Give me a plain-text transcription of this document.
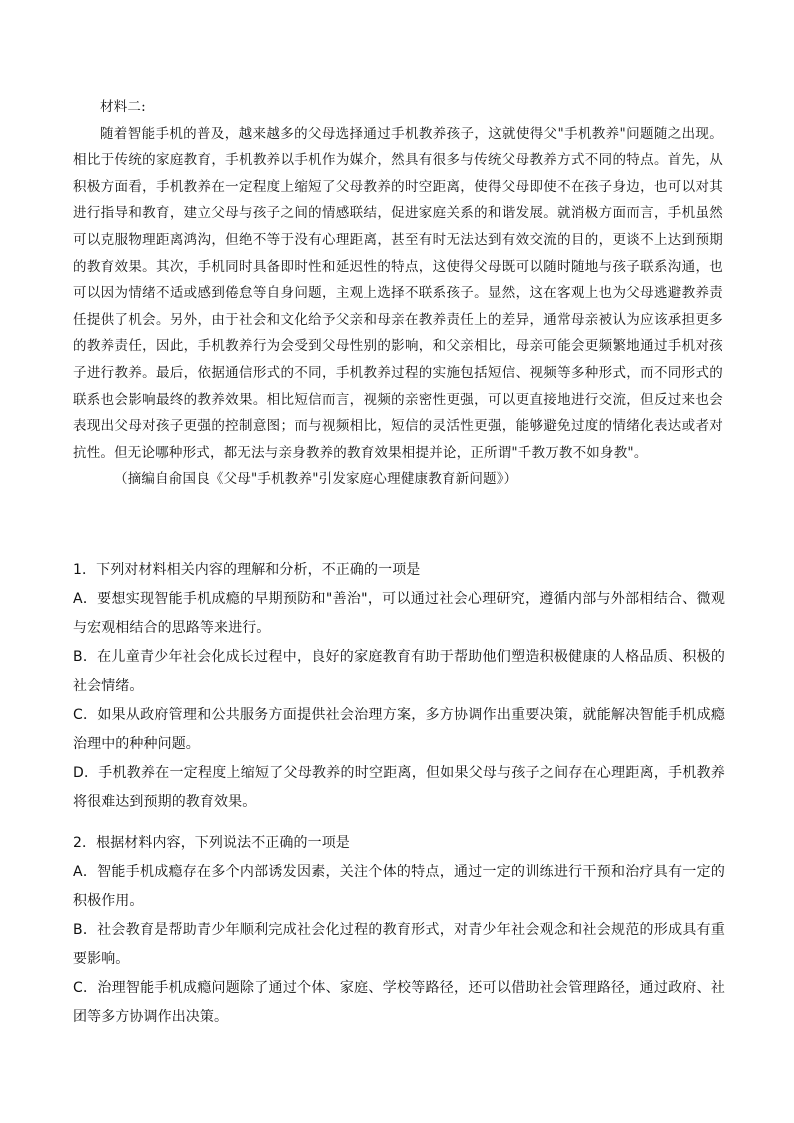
材料二:

随着智能手机的普及，越来越多的父母选择通过手机教养孩子，这就使得父"手机教养"问题随之出现。相比于传统的家庭教育，手机教养以手机作为媒介，然具有很多与传统父母教养方式不同的特点。首先，从积极方面看，手机教养在一定程度上缩短了父母教养的时空距离，使得父母即使不在孩子身边，也可以对其进行指导和教育，建立父母与孩子之间的情感联结，促进家庭关系的和谐发展。就消极方面而言，手机虽然可以克服物理距离鸿沟，但绝不等于没有心理距离，甚至有时无法达到有效交流的目的，更谈不上达到预期的教育效果。其次，手机同时具备即时性和延迟性的特点，这使得父母既可以随时随地与孩子联系沟通，也可以因为情绪不适或感到倦怠等自身问题，主观上选择不联系孩子。显然，这在客观上也为父母逃避教养责任提供了机会。另外，由于社会和文化给予父亲和母亲在教养责任上的差异，通常母亲被认为应该承担更多的教养责任，因此，手机教养行为会受到父母性别的影响，和父亲相比，母亲可能会更频繁地通过手机对孩子进行教养。最后，依据通信形式的不同，手机教养过程的实施包括短信、视频等多种形式，而不同形式的联系也会影响最终的教养效果。相比短信而言，视频的亲密性更强，可以更直接地进行交流，但反过来也会表现出父母对孩子更强的控制意图；而与视频相比，短信的灵活性更强，能够避免过度的情绪化表达或者对抗性。但无论哪种形式，都无法与亲身教养的教育效果相提并论，正所谓"千教万教不如身教"。

（摘编自俞国良《父母"手机教养"引发家庭心理健康教育新问题》）

1．下列对材料相关内容的理解和分析，不正确的一项是

A．要想实现智能手机成瘾的早期预防和"善治"，可以通过社会心理研究，遵循内部与外部相结合、微观与宏观相结合的思路等来进行。

B．在儿童青少年社会化成长过程中，良好的家庭教育有助于帮助他们塑造积极健康的人格品质、积极的社会情绪。

C．如果从政府管理和公共服务方面提供社会治理方案，多方协调作出重要决策，就能解决智能手机成瘾治理中的种种问题。

D．手机教养在一定程度上缩短了父母教养的时空距离，但如果父母与孩子之间存在心理距离，手机教养将很难达到预期的教育效果。

2．根据材料内容，下列说法不正确的一项是

A．智能手机成瘾存在多个内部诱发因素，关注个体的特点，通过一定的训练进行干预和治疗具有一定的积极作用。

B．社会教育是帮助青少年顺利完成社会化过程的教育形式，对青少年社会观念和社会规范的形成具有重要影响。

C．治理智能手机成瘾问题除了通过个体、家庭、学校等路径，还可以借助社会管理路径，通过政府、社团等多方协调作出决策。
